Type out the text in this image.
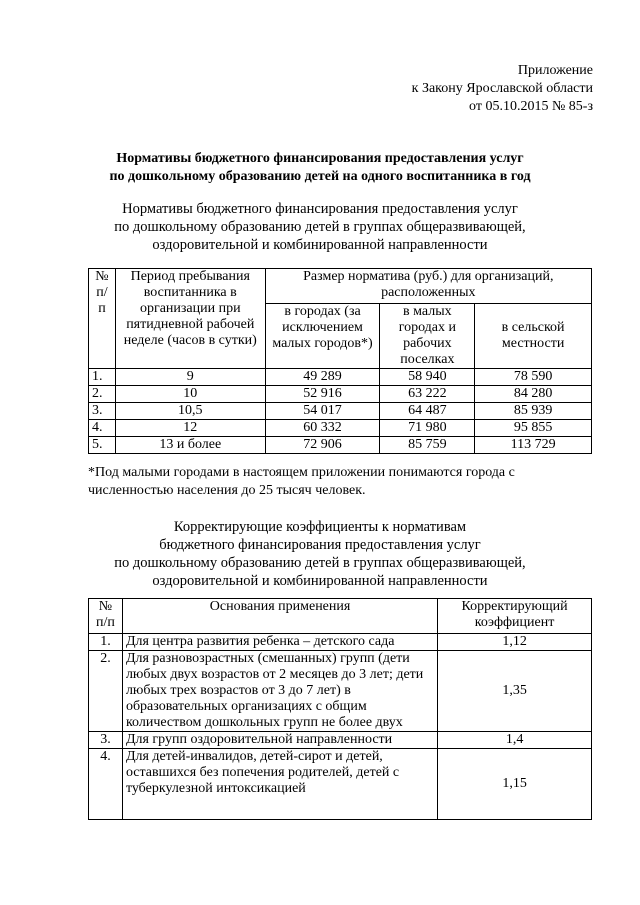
Приложение
к Закону Ярославской области
от 05.10.2015 № 85-з
Нормативы бюджетного финансирования предоставления услуг
по дошкольному образованию детей на одного воспитанника в год
Нормативы бюджетного финансирования предоставления услуг
по дошкольному образованию детей в группах общеразвивающей,
оздоровительной и комбинированной направленности
№ п/ п	Период пребывания воспитанника в организации при пятидневной рабочей неделе (часов в сутки)	Размер норматива (руб.) для организаций, расположенных		
		в городах (за исключением малых городов*)	в малых городах и рабочих поселках	в сельской местности
1.	9	49 289	58 940	78 590
2.	10	52 916	63 222	84 280
3.	10,5	54 017	64 487	85 939
4.	12	60 332	71 980	95 855
5.	13 и более	72 906	85 759	113 729
*Под малыми городами в настоящем приложении понимаются города с численностью населения до 25 тысяч человек.
Корректирующие коэффициенты к нормативам
бюджетного финансирования предоставления услуг
по дошкольному образованию детей в группах общеразвивающей,
оздоровительной и комбинированной направленности
№ п/п	Основания применения	Корректирующий коэффициент
1.	Для центра развития ребенка – детского сада	1,12
2.	Для разновозрастных (смешанных) групп (дети любых двух возрастов от 2 месяцев до 3 лет; дети любых трех возрастов от 3 до 7 лет) в образовательных организациях с общим количеством дошкольных групп не более двух	1,35
3.	Для групп оздоровительной направленности	1,4
4.	Для детей-инвалидов, детей-сирот и детей, оставшихся без попечения родителей, детей с туберкулезной интоксикацией	1,15
